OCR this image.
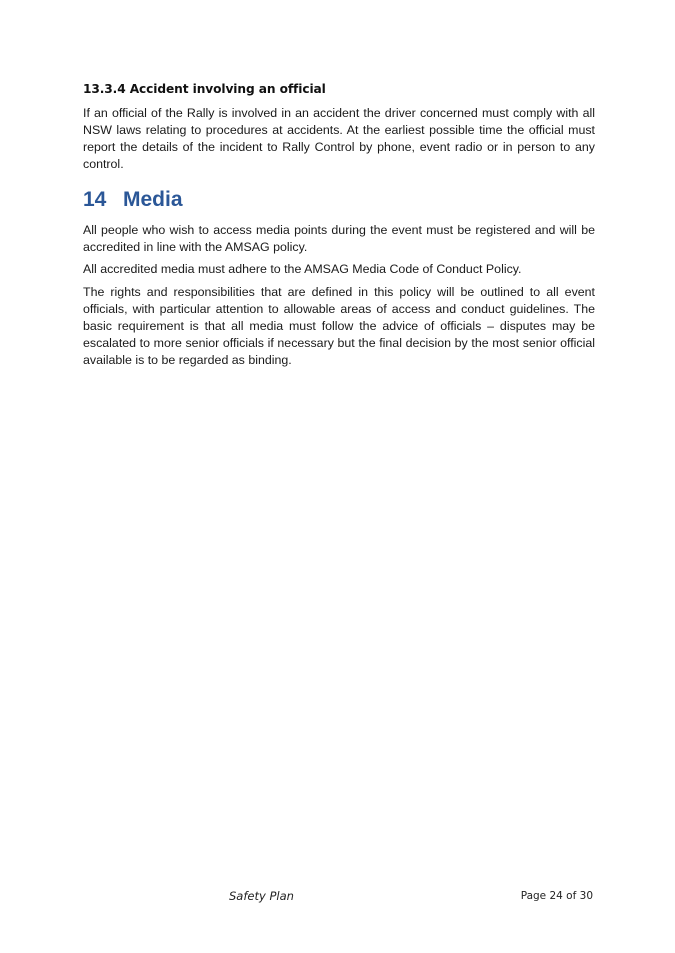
13.3.4 Accident involving an official

If an official of the Rally is involved in an accident the driver concerned must comply with all NSW laws relating to procedures at accidents. At the earliest possible time the official must report the details of the incident to Rally Control by phone, event radio or in person to any control.

14 Media

All people who wish to access media points during the event must be registered and will be accredited in line with the AMSAG policy.

All accredited media must adhere to the AMSAG Media Code of Conduct Policy.

The rights and responsibilities that are defined in this policy will be outlined to all event officials, with particular attention to allowable areas of access and conduct guidelines. The basic requirement is that all media must follow the advice of officials – disputes may be escalated to more senior officials if necessary but the final decision by the most senior official available is to be regarded as binding.

Safety Plan	Page 24 of 30
